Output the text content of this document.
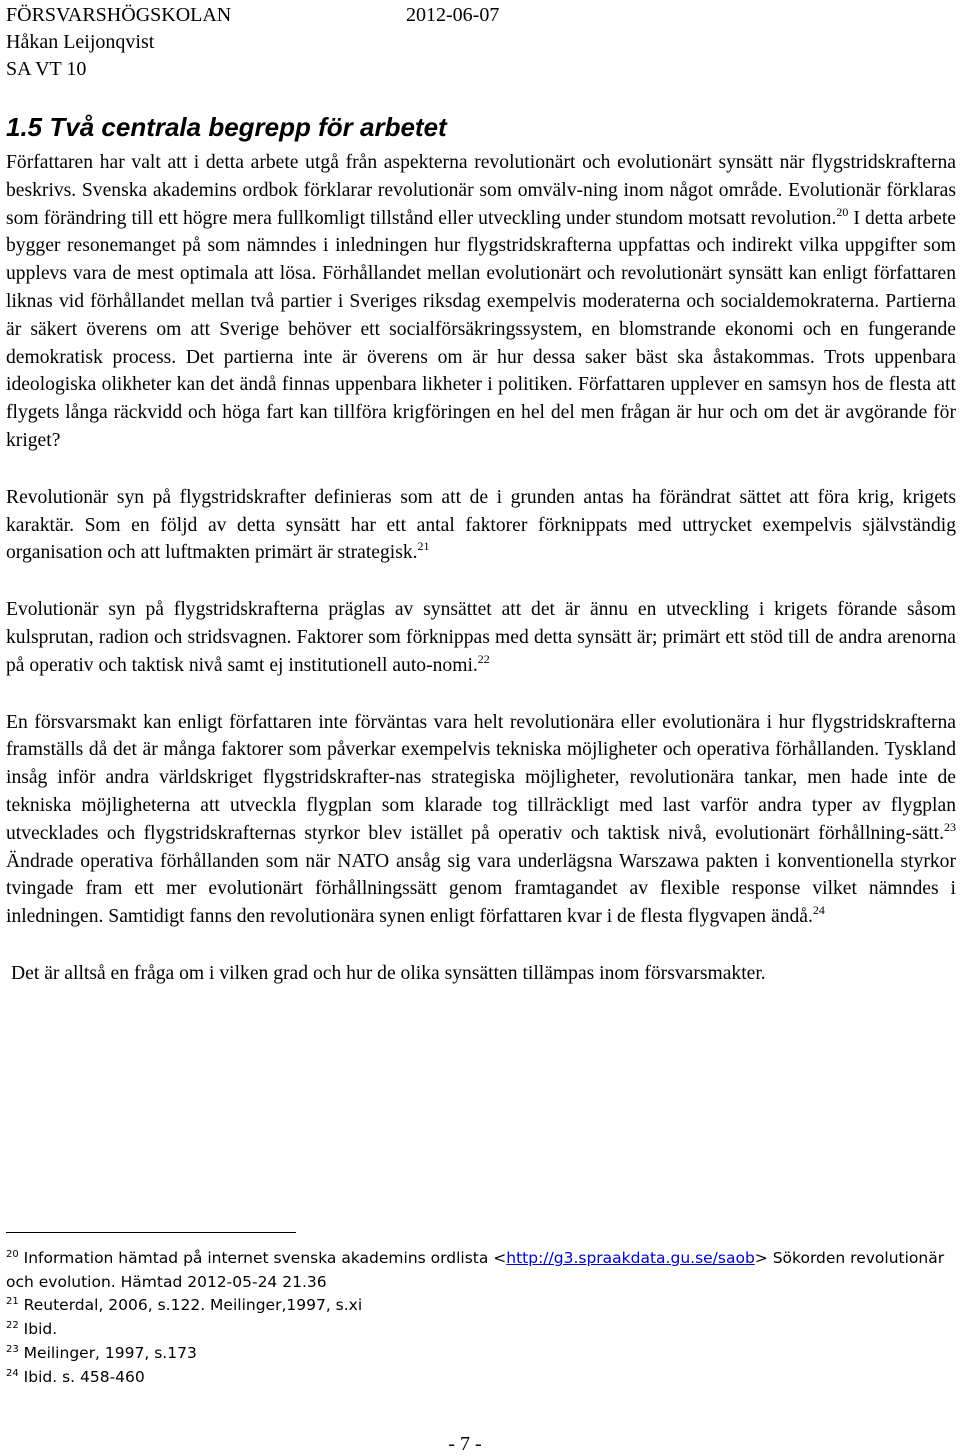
FÖRSVARSHÖGSKOLAN	2012-06-07
Håkan Leijonqvist
SA VT 10
1.5 Två centrala begrepp för arbetet

Författaren har valt att i detta arbete utgå från aspekterna revolutionärt och evolutionärt synsätt när flygstridskrafterna beskrivs. Svenska akademins ordbok förklarar revolutionär som omvälv-ning inom något område. Evolutionär förklaras som förändring till ett högre mera fullkomligt tillstånd eller utveckling under stundom motsatt revolution.$^{20}$ I detta arbete bygger resonemanget på som nämndes i inledningen hur flygstridskrafterna uppfattas och indirekt vilka uppgifter som upplevs vara de mest optimala att lösa. Förhållandet mellan evolutionärt och revolutionärt synsätt kan enligt författaren liknas vid förhållandet mellan två partier i Sveriges riksdag exempelvis moderaterna och socialdemokraterna. Partierna är säkert överens om att Sverige behöver ett socialförsäkringssystem, en blomstrande ekonomi och en fungerande demokratisk process. Det partierna inte är överens om är hur dessa saker bäst ska åstakommas. Trots uppenbara ideologiska olikheter kan det ändå finnas uppenbara likheter i politiken. Författaren upplever en samsyn hos de flesta att flygets långa räckvidd och höga fart kan tillföra krigföringen en hel del men frågan är hur och om det är avgörande för kriget?

Revolutionär syn på flygstridskrafter definieras som att de i grunden antas ha förändrat sättet att föra krig, krigets karaktär. Som en följd av detta synsätt har ett antal faktorer förknippats med uttrycket exempelvis självständig organisation och att luftmakten primärt är strategisk.$^{21}$

Evolutionär syn på flygstridskrafterna präglas av synsättet att det är ännu en utveckling i krigets förande såsom kulsprutan, radion och stridsvagnen. Faktorer som förknippas med detta synsätt är; primärt ett stöd till de andra arenorna på operativ och taktisk nivå samt ej institutionell auto-nomi.$^{22}$

En försvarsmakt kan enligt författaren inte förväntas vara helt revolutionära eller evolutionära i hur flygstridskrafterna framställs då det är många faktorer som påverkar exempelvis tekniska möjligheter och operativa förhållanden. Tyskland insåg inför andra världskriget flygstridskrafter-nas strategiska möjligheter, revolutionära tankar, men hade inte de tekniska möjligheterna att utveckla flygplan som klarade tog tillräckligt med last varför andra typer av flygplan utvecklades och flygstridskrafternas styrkor blev istället på operativ och taktisk nivå, evolutionärt förhållning-sätt.$^{23}$ Ändrade operativa förhållanden som när NATO ansåg sig vara underlägsna Warszawa pakten i konventionella styrkor tvingade fram ett mer evolutionärt förhållningssätt genom framtagandet av flexible response vilket nämndes i inledningen. Samtidigt fanns den revolutionära synen enligt författaren kvar i de flesta flygvapen ändå.$^{24}$

Det är alltså en fråga om i vilken grad och hur de olika synsätten tillämpas inom försvarsmakter.

$^{20}$ Information hämtad på internet svenska akademins ordlista <http://g3.spraakdata.gu.se/saob> Sökorden revolutionär och evolution. Hämtad 2012-05-24 21.36

$^{21}$ Reuterdal, 2006, s.122. Meilinger,1997, s.xi

$^{22}$ Ibid.

$^{23}$ Meilinger, 1997, s.173

$^{24}$ Ibid. s. 458-460

- 7 -
